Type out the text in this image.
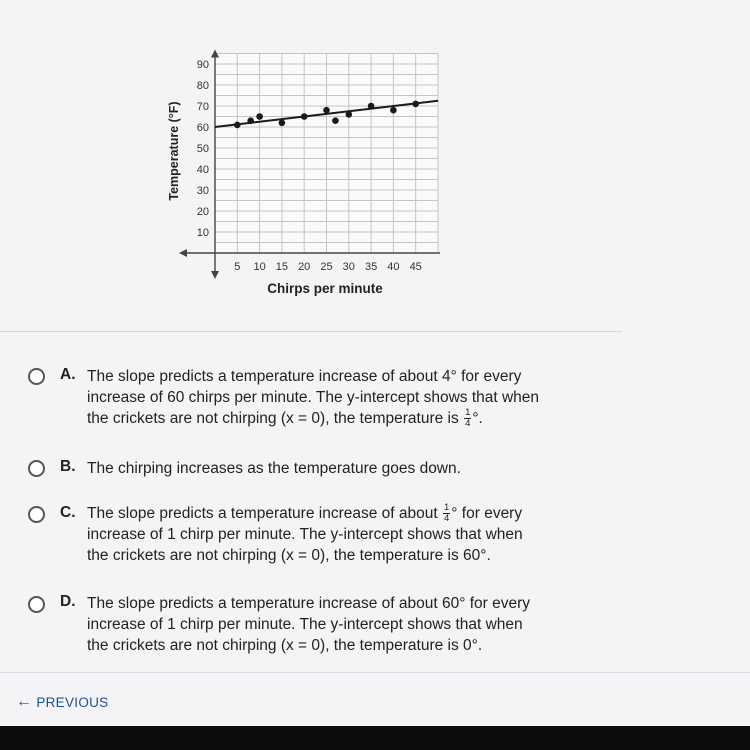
10
20
30
40
50
60
70
80
90
5 10 15 20 25 30 35 40 45
Temperature (°F)
Chirps per minute
A. The slope predicts a temperature increase of about 4° for every
increase of 60 chirps per minute. The y-intercept shows that when
the crickets are not chirping (x = 0), the temperature is $\frac{1}{4}$ °.
B. The chirping increases as the temperature goes down.
C. The slope predicts a temperature increase of about $\frac{1}{4}$ ° for every
increase of 1 chirp per minute. The y-intercept shows that when
the crickets are not chirping (x = 0), the temperature is 60°.
D. The slope predicts a temperature increase of about 60° for every
increase of 1 chirp per minute. The y-intercept shows that when
the crickets are not chirping (x = 0), the temperature is 0°.
← PREVIOUS
